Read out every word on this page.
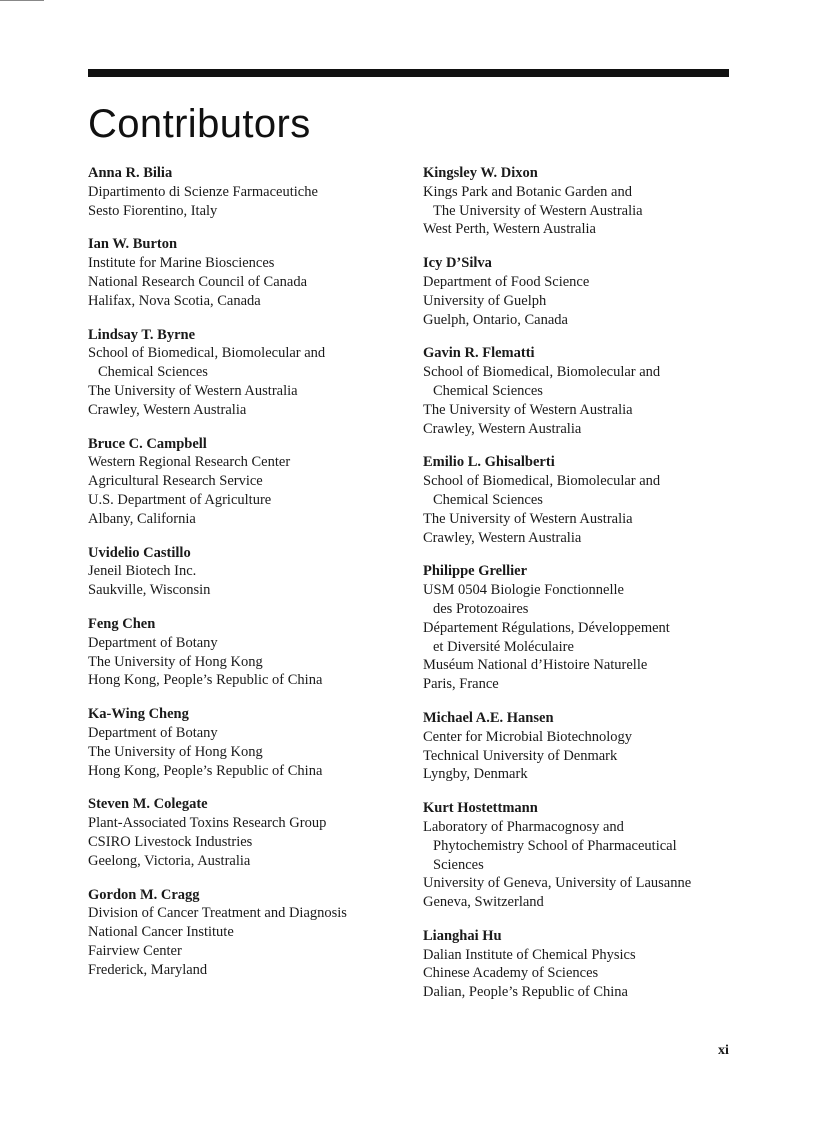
Contributors
Anna R. Bilia
Dipartimento di Scienze Farmaceutiche
Sesto Fiorentino, Italy
Ian W. Burton
Institute for Marine Biosciences
National Research Council of Canada
Halifax, Nova Scotia, Canada
Lindsay T. Byrne
School of Biomedical, Biomolecular and
Chemical Sciences
The University of Western Australia
Crawley, Western Australia
Bruce C. Campbell
Western Regional Research Center
Agricultural Research Service
U.S. Department of Agriculture
Albany, California
Uvidelio Castillo
Jeneil Biotech Inc.
Saukville, Wisconsin
Feng Chen
Department of Botany
The University of Hong Kong
Hong Kong, People’s Republic of China
Ka-Wing Cheng
Department of Botany
The University of Hong Kong
Hong Kong, People’s Republic of China
Steven M. Colegate
Plant-Associated Toxins Research Group
CSIRO Livestock Industries
Geelong, Victoria, Australia
Gordon M. Cragg
Division of Cancer Treatment and Diagnosis
National Cancer Institute
Fairview Center
Frederick, Maryland
Kingsley W. Dixon
Kings Park and Botanic Garden and
The University of Western Australia
West Perth, Western Australia
Icy D’Silva
Department of Food Science
University of Guelph
Guelph, Ontario, Canada
Gavin R. Flematti
School of Biomedical, Biomolecular and
Chemical Sciences
The University of Western Australia
Crawley, Western Australia
Emilio L. Ghisalberti
School of Biomedical, Biomolecular and
Chemical Sciences
The University of Western Australia
Crawley, Western Australia
Philippe Grellier
USM 0504 Biologie Fonctionnelle
des Protozoaires
Département Régulations, Développement
et Diversité Moléculaire
Muséum National d’Histoire Naturelle
Paris, France
Michael A.E. Hansen
Center for Microbial Biotechnology
Technical University of Denmark
Lyngby, Denmark
Kurt Hostettmann
Laboratory of Pharmacognosy and
Phytochemistry School of Pharmaceutical
Sciences
University of Geneva, University of Lausanne
Geneva, Switzerland
Lianghai Hu
Dalian Institute of Chemical Physics
Chinese Academy of Sciences
Dalian, People’s Republic of China
xi
